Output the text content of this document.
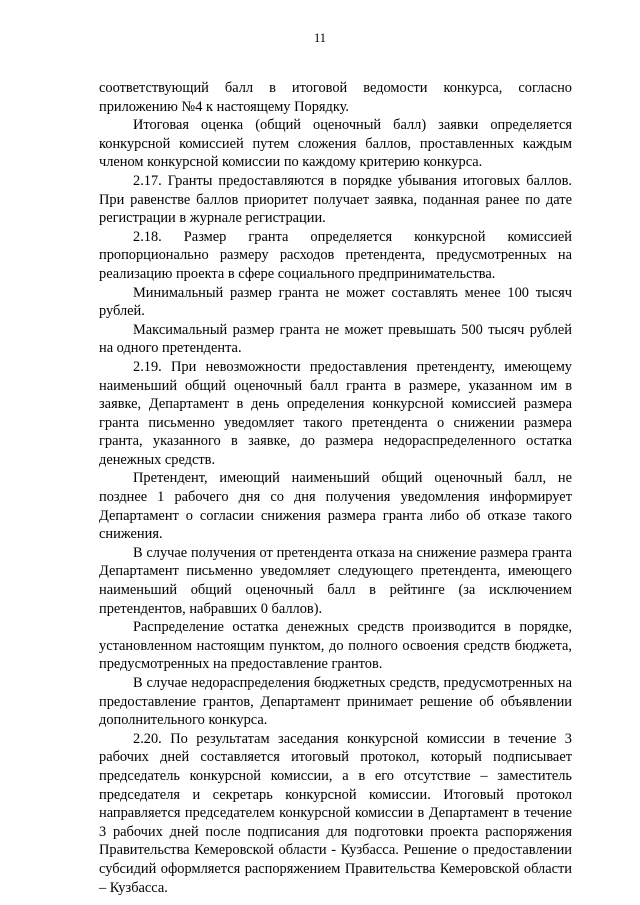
11

соответствующий балл в итоговой ведомости конкурса, согласно приложению №4 к настоящему Порядку.

Итоговая оценка (общий оценочный балл) заявки определяется конкурсной комиссией путем сложения баллов, проставленных каждым членом конкурсной комиссии по каждому критерию конкурса.

2.17. Гранты предоставляются в порядке убывания итоговых баллов. При равенстве баллов приоритет получает заявка, поданная ранее по дате регистрации в журнале регистрации.

2.18. Размер гранта определяется конкурсной комиссией пропорционально размеру расходов претендента, предусмотренных на реализацию проекта в сфере социального предпринимательства.

Минимальный размер гранта не может составлять менее 100 тысяч рублей.

Максимальный размер гранта не может превышать 500 тысяч рублей на одного претендента.

2.19. При невозможности предоставления претенденту, имеющему наименьший общий оценочный балл гранта в размере, указанном им в заявке, Департамент в день определения конкурсной комиссией размера гранта письменно уведомляет такого претендента о снижении размера гранта, указанного в заявке, до размера недораспределенного остатка денежных средств.

Претендент, имеющий наименьший общий оценочный балл, не позднее 1 рабочего дня со дня получения уведомления информирует Департамент о согласии снижения размера гранта либо об отказе такого снижения.

В случае получения от претендента отказа на снижение размера гранта Департамент письменно уведомляет следующего претендента, имеющего наименьший общий оценочный балл в рейтинге (за исключением претендентов, набравших 0 баллов).

Распределение остатка денежных средств производится в порядке, установленном настоящим пунктом, до полного освоения средств бюджета, предусмотренных на предоставление грантов.

В случае недораспределения бюджетных средств, предусмотренных на предоставление грантов, Департамент принимает решение об объявлении дополнительного конкурса.

2.20. По результатам заседания конкурсной комиссии в течение 3 рабочих дней составляется итоговый протокол, который подписывает председатель конкурсной комиссии, а в его отсутствие – заместитель председателя и секретарь конкурсной комиссии. Итоговый протокол направляется председателем конкурсной комиссии в Департамент в течение 3 рабочих дней после подписания для подготовки проекта распоряжения Правительства Кемеровской области - Кузбасса. Решение о предоставлении субсидий оформляется распоряжением Правительства Кемеровской области – Кузбасса.
